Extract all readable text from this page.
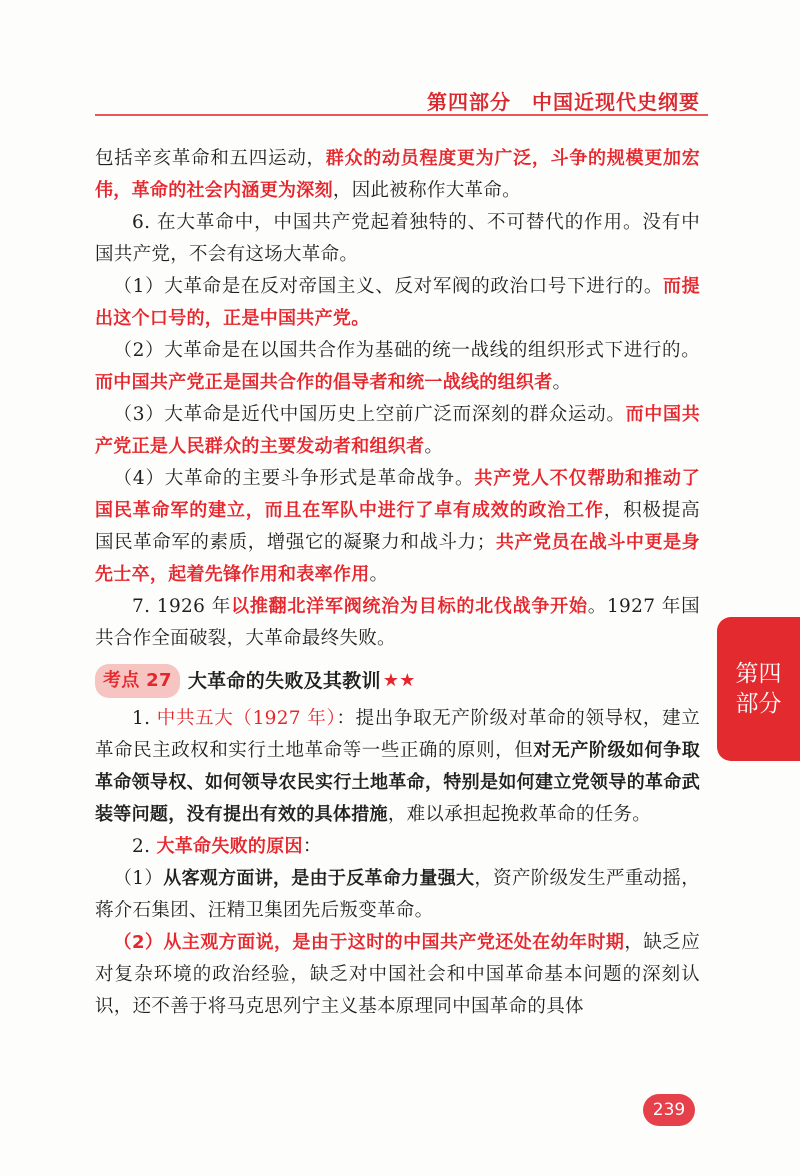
第四部分　中国近现代史纲要

包括辛亥革命和五四运动，群众的动员程度更为广泛，斗争的规模更加宏伟，革命的社会内涵更为深刻，因此被称作大革命。

6. 在大革命中，中国共产党起着独特的、不可替代的作用。没有中国共产党，不会有这场大革命。

（1）大革命是在反对帝国主义、反对军阀的政治口号下进行的。而提出这个口号的，正是中国共产党。

（2）大革命是在以国共合作为基础的统一战线的组织形式下进行的。而中国共产党正是国共合作的倡导者和统一战线的组织者。

（3）大革命是近代中国历史上空前广泛而深刻的群众运动。而中国共产党正是人民群众的主要发动者和组织者。

（4）大革命的主要斗争形式是革命战争。共产党人不仅帮助和推动了国民革命军的建立，而且在军队中进行了卓有成效的政治工作，积极提高国民革命军的素质，增强它的凝聚力和战斗力；共产党员在战斗中更是身先士卒，起着先锋作用和表率作用。

7. 1926 年以推翻北洋军阀统治为目标的北伐战争开始。1927 年国共合作全面破裂，大革命最终失败。

考点 27 大革命的失败及其教训 ★★

1. 中共五大（1927 年）：提出争取无产阶级对革命的领导权，建立革命民主政权和实行土地革命等一些正确的原则，但对无产阶级如何争取革命领导权、如何领导农民实行土地革命，特别是如何建立党领导的革命武装等问题，没有提出有效的具体措施，难以承担起挽救革命的任务。

2. 大革命失败的原因：

（1）从客观方面讲，是由于反革命力量强大，资产阶级发生严重动摇，蒋介石集团、汪精卫集团先后叛变革命。

（2）从主观方面说，是由于这时的中国共产党还处在幼年时期，缺乏应对复杂环境的政治经验，缺乏对中国社会和中国革命基本问题的深刻认识，还不善于将马克思列宁主义基本原理同中国革命的具体

第四部分
239
